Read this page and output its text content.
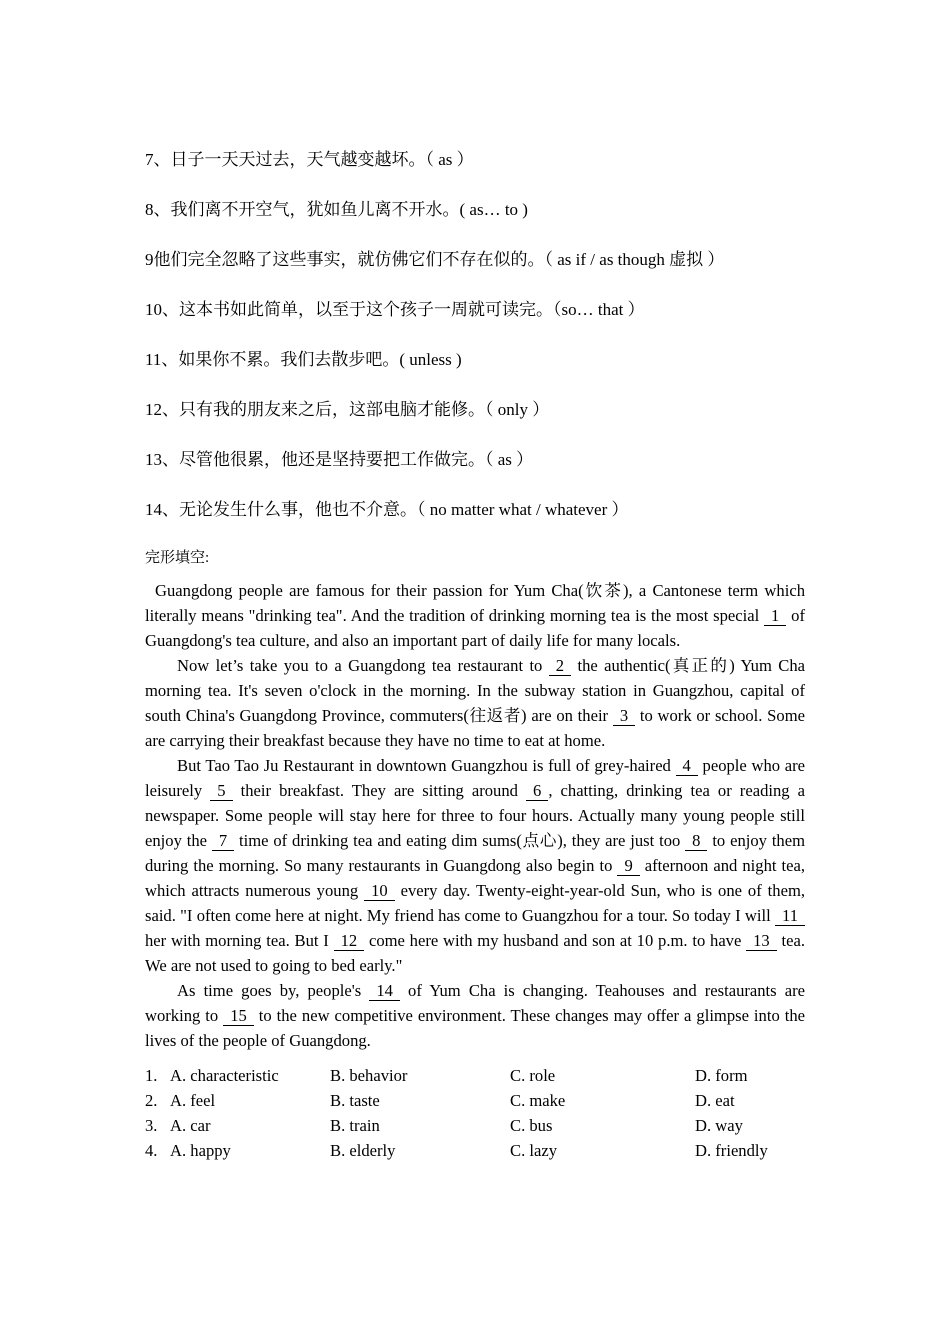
7、日子一天天过去，天气越变越坏。（ as ）
8、我们离不开空气，犹如鱼儿离不开水。( as… to )
9他们完全忽略了这些事实，就仿佛它们不存在似的。（ as if / as though 虚拟 ）
10、这本书如此简单，以至于这个孩子一周就可读完。（so… that ）
11、如果你不累。我们去散步吧。( unless )
12、只有我的朋友来之后，这部电脑才能修。（ only ）
13、尽管他很累，他还是坚持要把工作做完。（ as ）
14、无论发生什么事，他也不介意。（ no matter what / whatever ）
完形填空:

Guangdong people are famous for their passion for Yum Cha(饮茶), a Cantonese term which literally means "drinking tea". And the tradition of drinking morning tea is the most special 1 of Guangdong's tea culture, and also an important part of daily life for many locals.

Now let’s take you to a Guangdong tea restaurant to 2 the authentic(真正的) Yum Cha morning tea. It's seven o'clock in the morning. In the subway station in Guangzhou, capital of south China's Guangdong Province, commuters(往返者) are on their 3 to work or school. Some are carrying their breakfast because they have no time to eat at home.

But Tao Tao Ju Restaurant in downtown Guangzhou is full of grey-haired 4 people who are leisurely 5 their breakfast. They are sitting around 6 , chatting, drinking tea or reading a newspaper. Some people will stay here for three to four hours. Actually many young people still enjoy the 7 time of drinking tea and eating dim sums(点心), they are just too 8 to enjoy them during the morning. So many restaurants in Guangdong also begin to 9 afternoon and night tea, which attracts numerous young 10 every day. Twenty-eight-year-old Sun, who is one of them, said. "I often come here at night. My friend has come to Guangzhou for a tour. So today I will 11 her with morning tea. But I 12 come here with my husband and son at 10 p.m. to have 13 tea. We are not used to going to bed early."

As time goes by, people's 14 of Yum Cha is changing. Teahouses and restaurants are working to 15 to the new competitive environment. These changes may offer a glimpse into the lives of the people of Guangdong.

1. A. characteristic	B. behavior	C. role	D. form
2. A. feel	B. taste	C. make	D. eat
3. A. car	B. train	C. bus	D. way
4. A. happy	B. elderly	C. lazy	D. friendly
